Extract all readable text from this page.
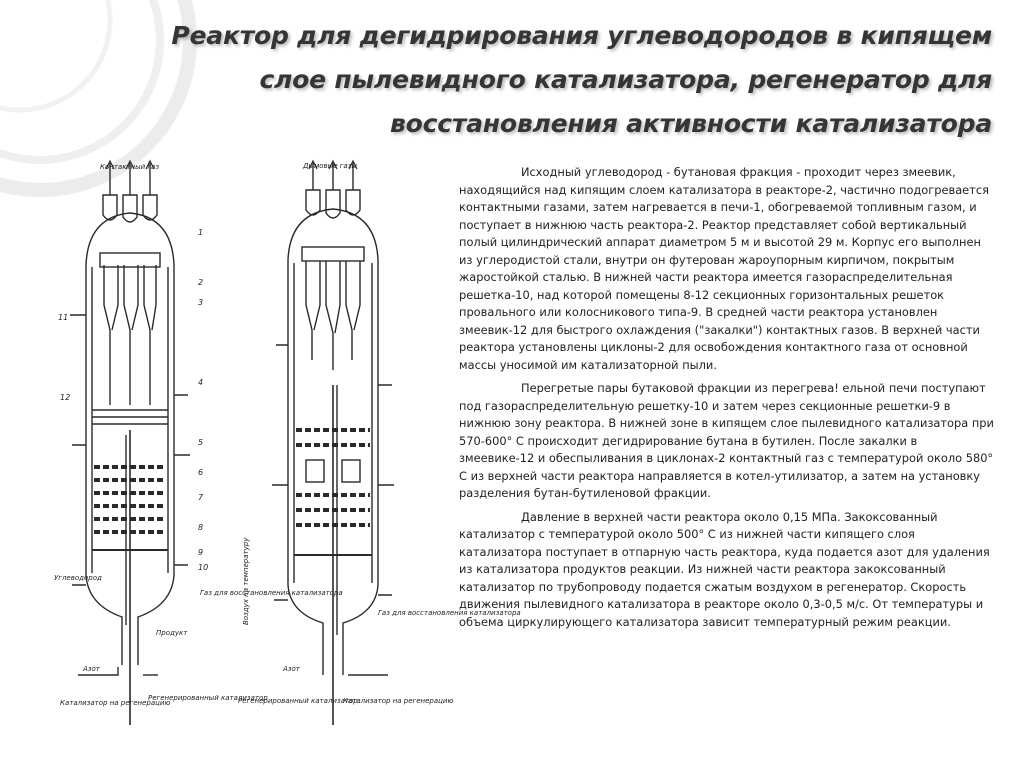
Реактор для дегидрирования углеводородов в кипящем слое пылевидного катализатора, регенератор для восстановления активности катализатора
Контактный газ	Дымовые газы
Углеводород
Азот
Продукт
Катализатор на регенерацию
Регенерированный катализатор
Газ для восстановления катализатора
Азот
Регенерированный катализатор
Катализатор на регенерацию
Газ для восстановления катализатора
Воздух на температуру
1
2
3
4
5
6
7
8
9
10
11
12

Исходный углеводород - бутановая фракция - проходит через змеевик, находящийся над кипящим слоем катализатора в реакторе-2, частично подогревается контактными газами, затем нагревается в печи-1, обогреваемой топливным газом, и поступает в нижнюю часть реактора-2. Реактор представляет собой вертикальный полый цилиндрический аппарат диаметром 5 м и высотой 29 м. Корпус его выполнен из углеродистой стали, внутри он футерован жароупорным кирпичом, покрытым жаростойкой сталью. В нижней части реактора имеется газораспределительная решетка-10, над которой помещены 8-12 секционных горизонтальных решеток провального или колосникового типа-9. В средней части реактора установлен змеевик-12 для быстрого охлаждения ("закалки") контактных газов. В верхней части реактора установлены циклоны-2 для освобождения контактного газа от основной массы уносимой им катализаторной пыли.

Перегретые пары бутаковой фракции из перегрева! ельной печи поступают под газораспределительную решетку-10 и затем через секционные решетки-9 в нижнюю зону реактора. В нижней зоне в кипящем слое пылевидного катализатора при 570-600° С происходит дегидрирование бутана в бутилен. После закалки в змеевике-12 и обеспыливания в циклонах-2 контактный газ с температурой около 580° С из верхней части реактора направляется в котел-утилизатор, а затем на установку разделения бутан-бутиленовой фракции.

Давление в верхней части реактора около 0,15 МПа. Закоксованный катализатор с температурой около 500° С из нижней части кипящего слоя катализатора поступает в отпарную часть реактора, куда подается азот для удаления из катализатора продуктов реакции. Из нижней части реактора закоксованный катализатор по трубопроводу подается сжатым воздухом в регенератор. Скорость движения пылевидного катализатора в реакторе около 0,3-0,5 м/с. От температуры и объема циркулирующего катализатора зависит температурный режим реакции.
